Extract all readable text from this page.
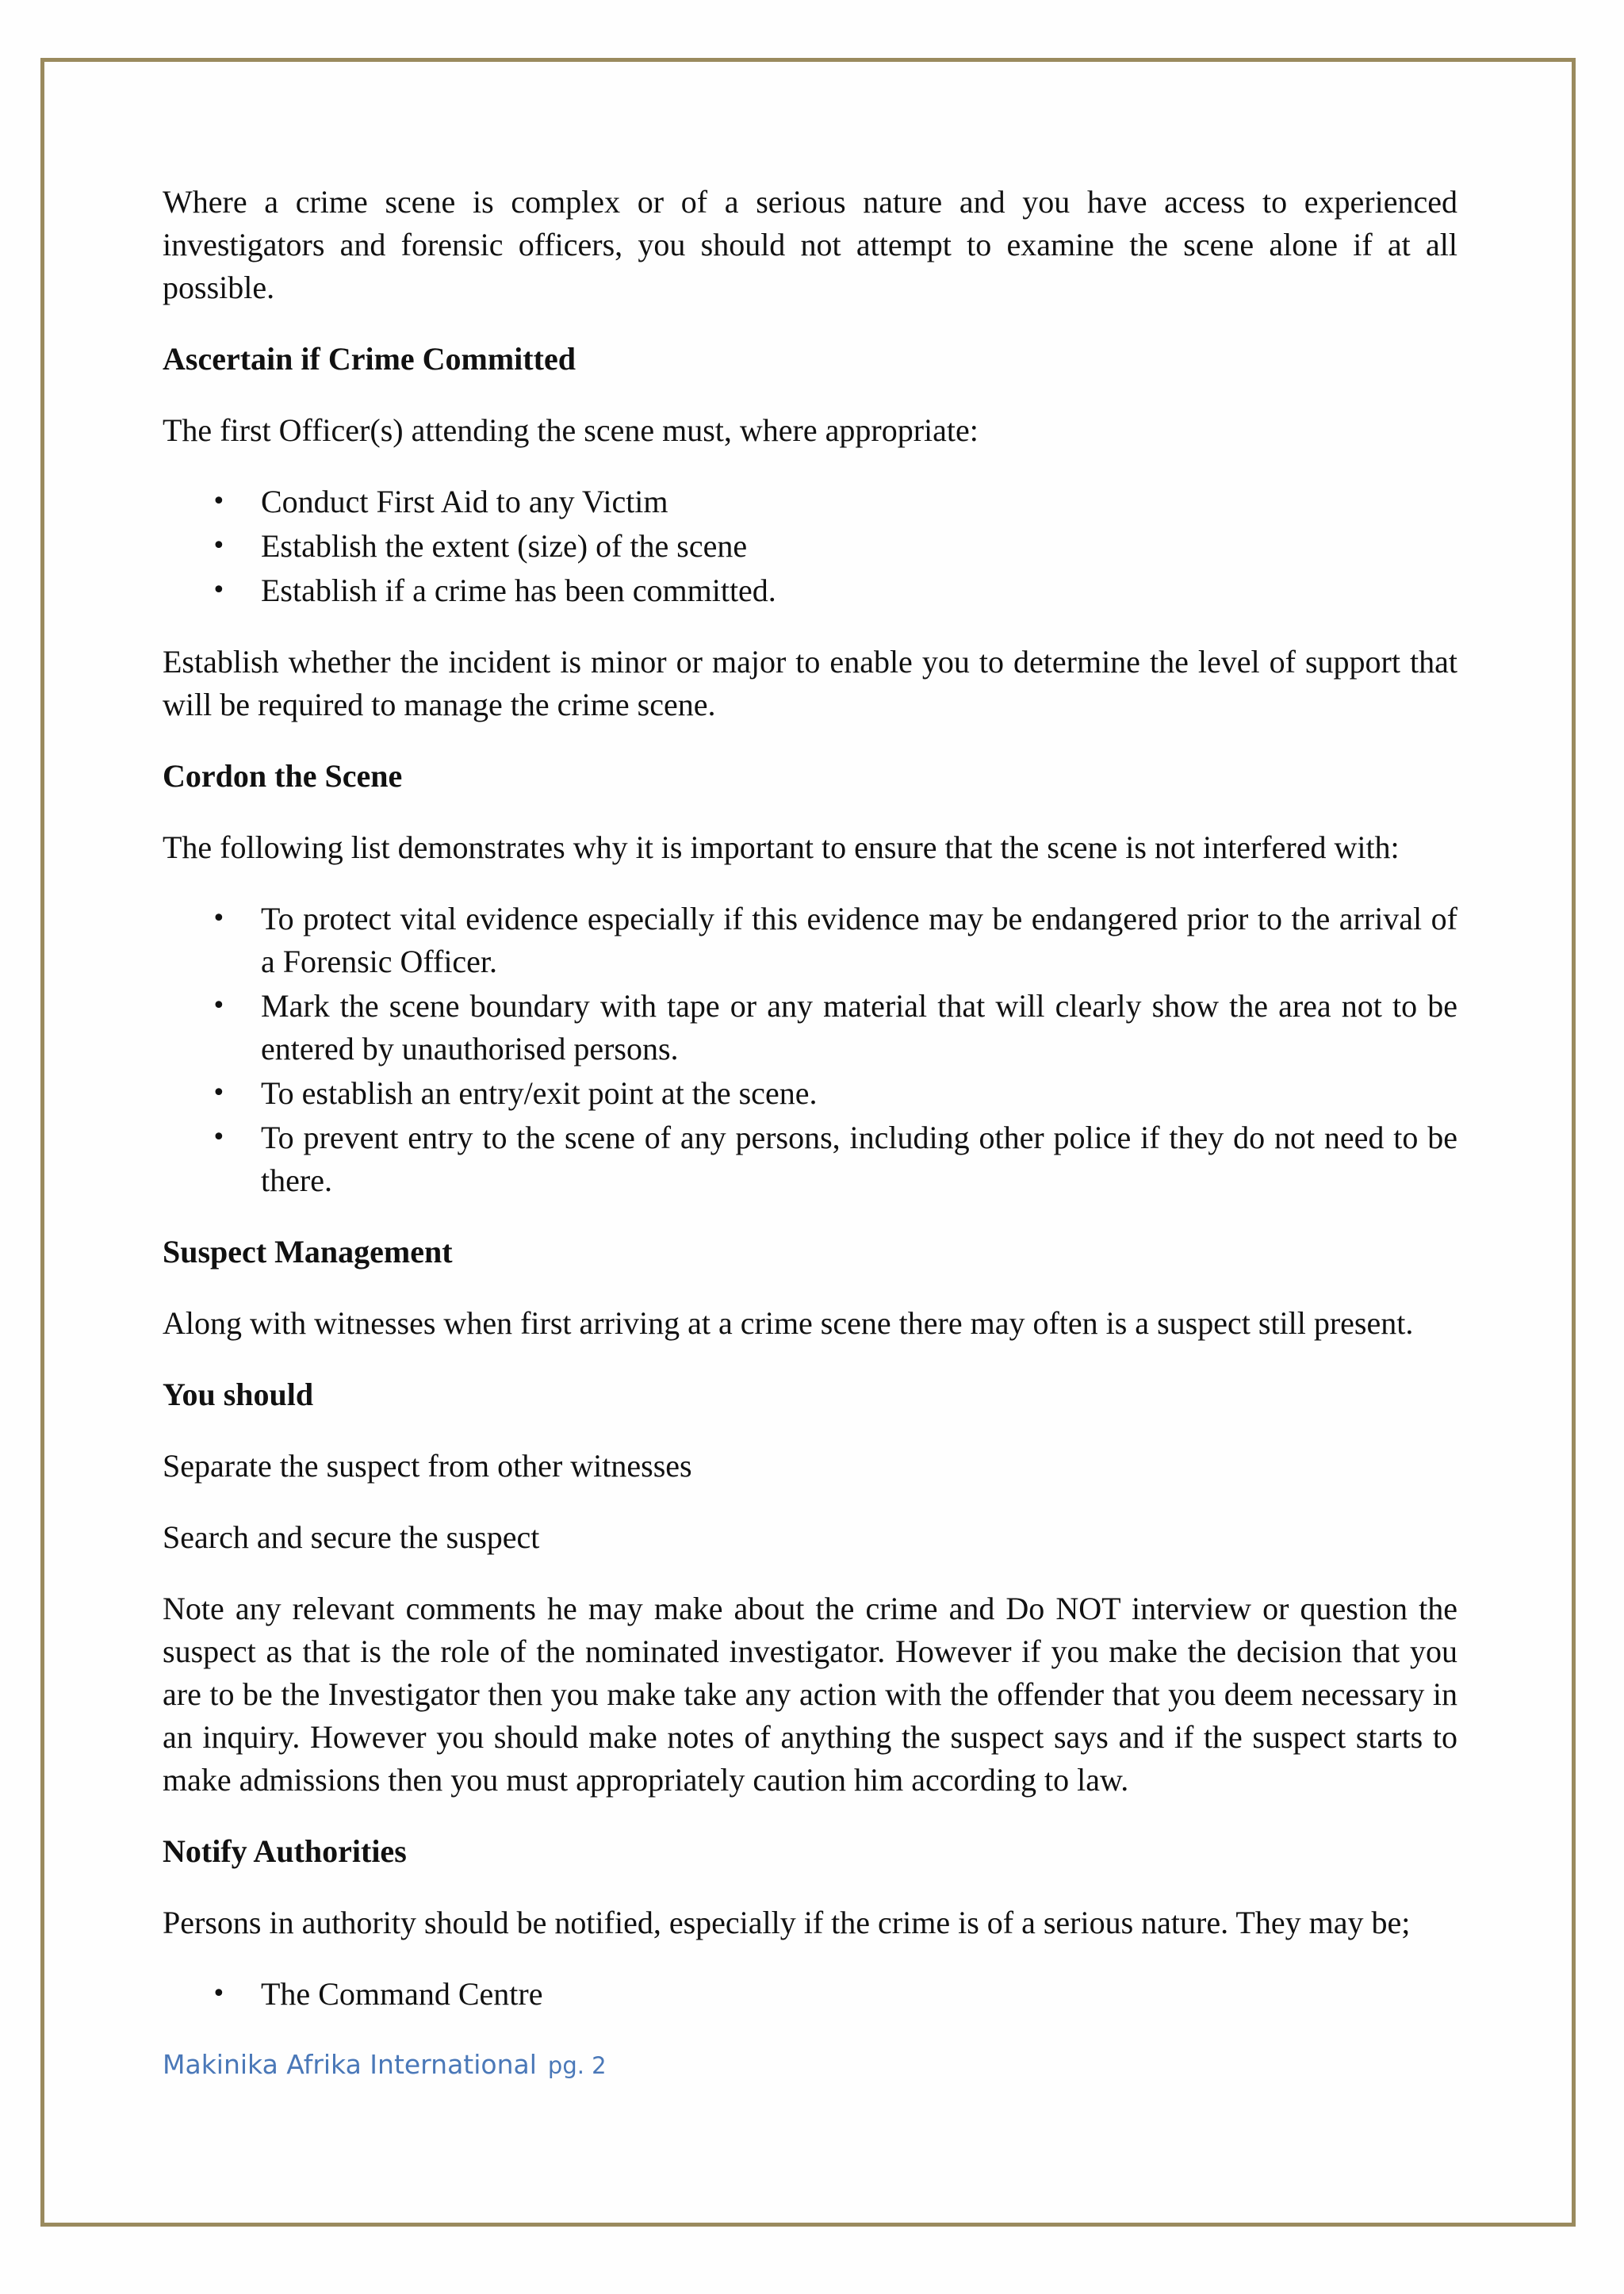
Where a crime scene is complex or of a serious nature and you have access to experienced investigators and forensic officers, you should not attempt to examine the scene alone if at all possible.

Ascertain if Crime Committed

The first Officer(s) attending the scene must, where appropriate:

• Conduct First Aid to any Victim
• Establish the extent (size) of the scene
• Establish if a crime has been committed.

Establish whether the incident is minor or major to enable you to determine the level of support that will be required to manage the crime scene.

Cordon the Scene

The following list demonstrates why it is important to ensure that the scene is not interfered with:

• To protect vital evidence especially if this evidence may be endangered prior to the arrival of a Forensic Officer.
• Mark the scene boundary with tape or any material that will clearly show the area not to be entered by unauthorised persons.
• To establish an entry/exit point at the scene.
• To prevent entry to the scene of any persons, including other police if they do not need to be there.

Suspect Management

Along with witnesses when first arriving at a crime scene there may often is a suspect still present.

You should

Separate the suspect from other witnesses

Search and secure the suspect

Note any relevant comments he may make about the crime and Do NOT interview or question the suspect as that is the role of the nominated investigator. However if you make the decision that you are to be the Investigator then you make take any action with the offender that you deem necessary in an inquiry. However you should make notes of anything the suspect says and if the suspect starts to make admissions then you must appropriately caution him according to law.

Notify Authorities

Persons in authority should be notified, especially if the crime is of a serious nature. They may be;

• The Command Centre
Makinika Afrika International pg. 2
